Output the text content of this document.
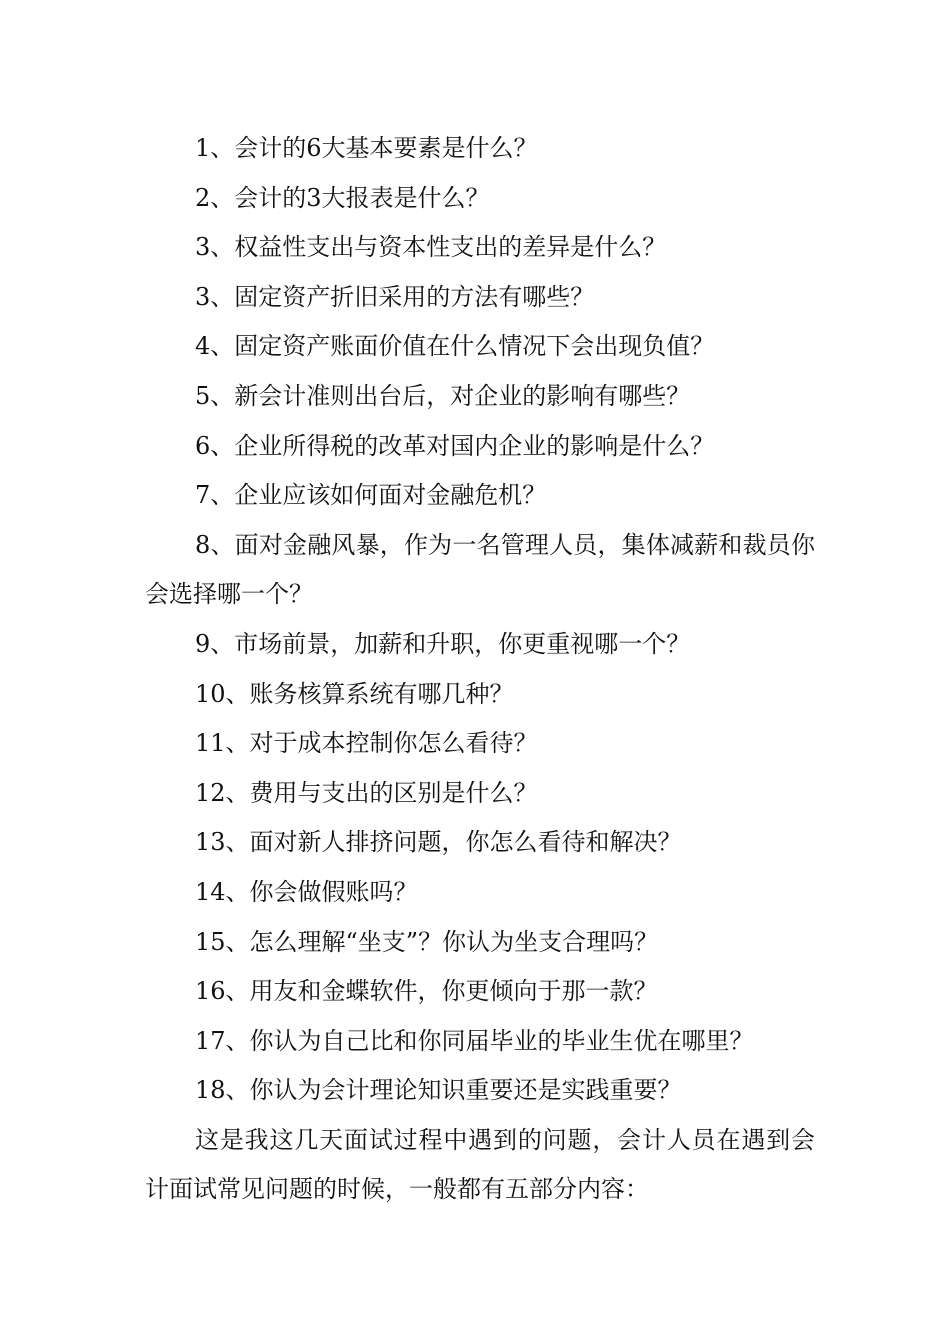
1、会计的6大基本要素是什么？

2、会计的3大报表是什么？

3、权益性支出与资本性支出的差异是什么？

3、固定资产折旧采用的方法有哪些？

4、固定资产账面价值在什么情况下会出现负值？

5、新会计准则出台后，对企业的影响有哪些？

6、企业所得税的改革对国内企业的影响是什么？

7、企业应该如何面对金融危机？

8、面对金融风暴，作为一名管理人员，集体减薪和裁员你会选择哪一个？

9、市场前景，加薪和升职，你更重视哪一个？

10、账务核算系统有哪几种？

11、对于成本控制你怎么看待？

12、费用与支出的区别是什么？

13、面对新人排挤问题，你怎么看待和解决？

14、你会做假账吗？

15、怎么理解“坐支”？你认为坐支合理吗？

16、用友和金蝶软件，你更倾向于那一款？

17、你认为自己比和你同届毕业的毕业生优在哪里？

18、你认为会计理论知识重要还是实践重要？

这是我这几天面试过程中遇到的问题，会计人员在遇到会计面试常见问题的时候，一般都有五部分内容：
